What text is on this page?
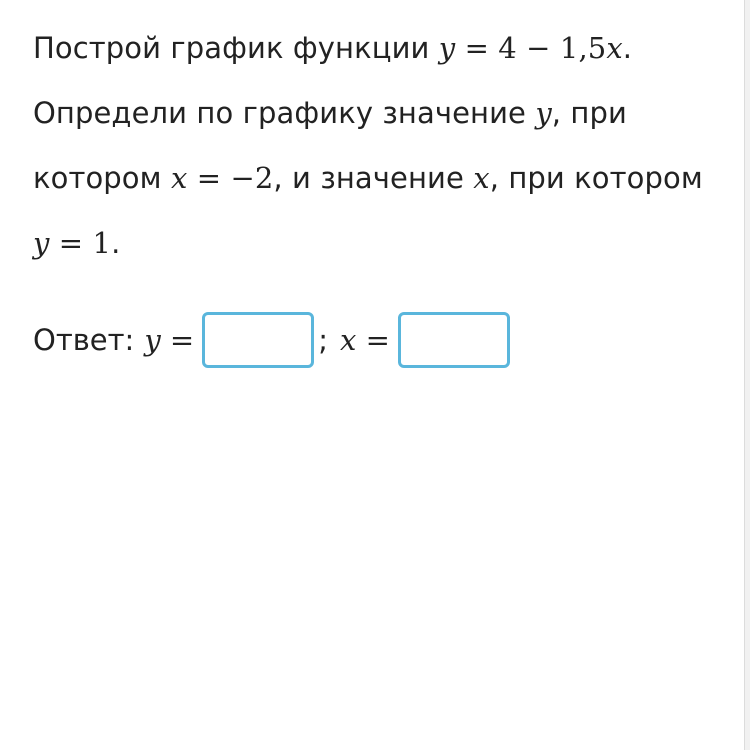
Построй график функции y = 4 − 1,5x.
Определи по графику значение y, при
котором x = −2, и значение x, при котором
y = 1.
Ответ: y =	; x =
